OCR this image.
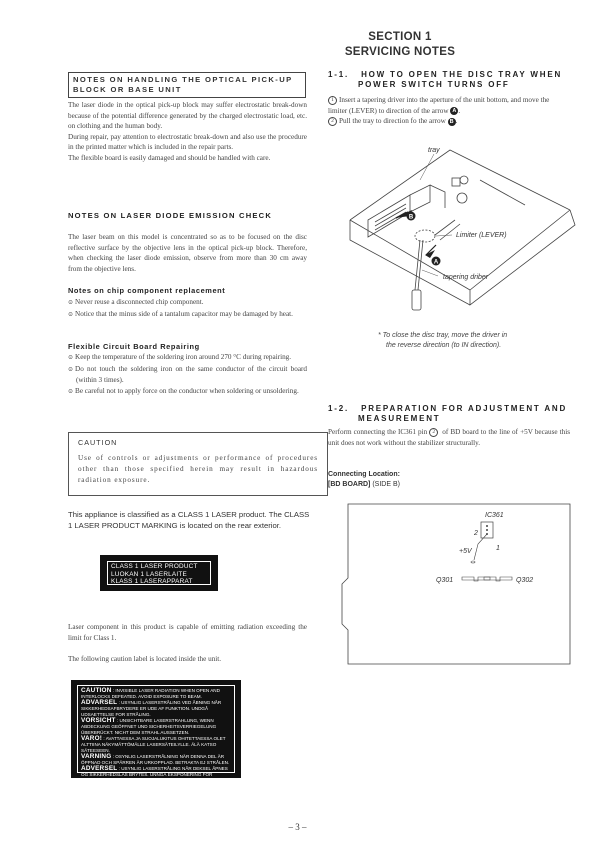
SECTION 1
SERVICING NOTES
NOTES ON HANDLING THE OPTICAL PICK-UP BLOCK OR BASE UNIT

The laser diode in the optical pick-up block may suffer electrostatic break-down because of the potential difference generated by the charged electrostatic load, etc. on clothing and the human body.

During repair, pay attention to electrostatic break-down and also use the procedure in the printed matter which is included in the repair parts.

The flexible board is easily damaged and should be handled with care.

NOTES ON LASER DIODE EMISSION CHECK

The laser beam on this model is concentrated so as to be focused on the disc reflective surface by the objective lens in the optical pick-up block. Therefore, when checking the laser diode emission, observe from more than 30 cm away from the objective lens.

Notes on chip component replacement
⊙ Never reuse a disconnected chip component.
⊙ Notice that the minus side of a tantalum capacitor may be damaged by heat.
Flexible Circuit Board Repairing
⊙ Keep the temperature of the soldering iron around 270 °C during repairing.
⊙ Do not touch the soldering iron on the same conductor of the circuit board (within 3 times).
⊙ Be careful not to apply force on the conductor when soldering or unsoldering.
CAUTION
Use of controls or adjustments or performance of procedures other than those specified herein may result in hazardous radiation exposure.

This appliance is classified as a CLASS 1 LASER product. The CLASS 1 LASER PRODUCT MARKING is located on the rear exterior.

CLASS 1 LASER PRODUCT
LUOKAN 1 LASERLAITE
KLASS 1 LASERAPPARAT

Laser component in this product is capable of emitting radiation exceeding the limit for Class 1.

The following caution label is located inside the unit.

CAUTION : INVISIBLE LASER RADIATION WHEN OPEN AND INTERLOCKS DEFEATED. AVOID EXPOSURE TO BEAM.
ADVARSEL : USYNLIG LASERSTRÅLING VED ÅBNING NÅR SIKKERHEDSAFBRYDERE ER UDE AF FUNKTION. UNDGÅ UDSAETTELSE FOR STRÅLING.
VORSICHT : UNSICHTBARE LASERSTRAHLUNG, WENN ABDECKUNG GEÖFFNET UND SICHERHEITSVERRIEGELUNG ÜBERBRÜCKT. NICHT DEM STRAHL AUSSETZEN.
VARO! : AVATTAESSA JA SUOJALUKITUS OHITETTAESSA OLET ALTTIINA NÄKYMÄTTÖMÄLLE LASERSÄTEILYLLE. ÄLÄ KATSO SÄTEESEEN.
VARNING : OSYNLIG LASERSTRÅLNING NÄR DENNA DEL ÄR ÖPPNAD OCH SPÄRREN ÄR URKOPPLAD. BETRAKTA EJ STRÅLEN.
ADVERSEL : USYNLIG LASERSTRÅLING NÅR DEKSEL ÅPNES OG SIKKERHEDSLÅS BRYTES. UNNGÅ EKSPONERING FOR STRÅLEN.
1-1. HOW TO OPEN THE DISC TRAY WHEN
POWER SWITCH TURNS OFF
1 Insert a tapering driver into the aperture of the unit bottom, and move the limiter (LEVER) to direction of the arrow A .
2 Pull the tray to direction fo the arrow B .
tray
Limiter (LEVER)
tapering driber
B
A
* To close the disc tray, move the driver in
the reverse direction (to IN direction).
1-2. PREPARATION FOR ADJUSTMENT AND
MEASUREMENT

Perform connecting the IC361 pin 2 of BD board to the line of +5V because this unit does not work without the stabilizer structurally.

Connecting Location:
[BD BOARD] (SIDE B)
IC361
2
1
+5V
Q301	Q302
– 3 –
